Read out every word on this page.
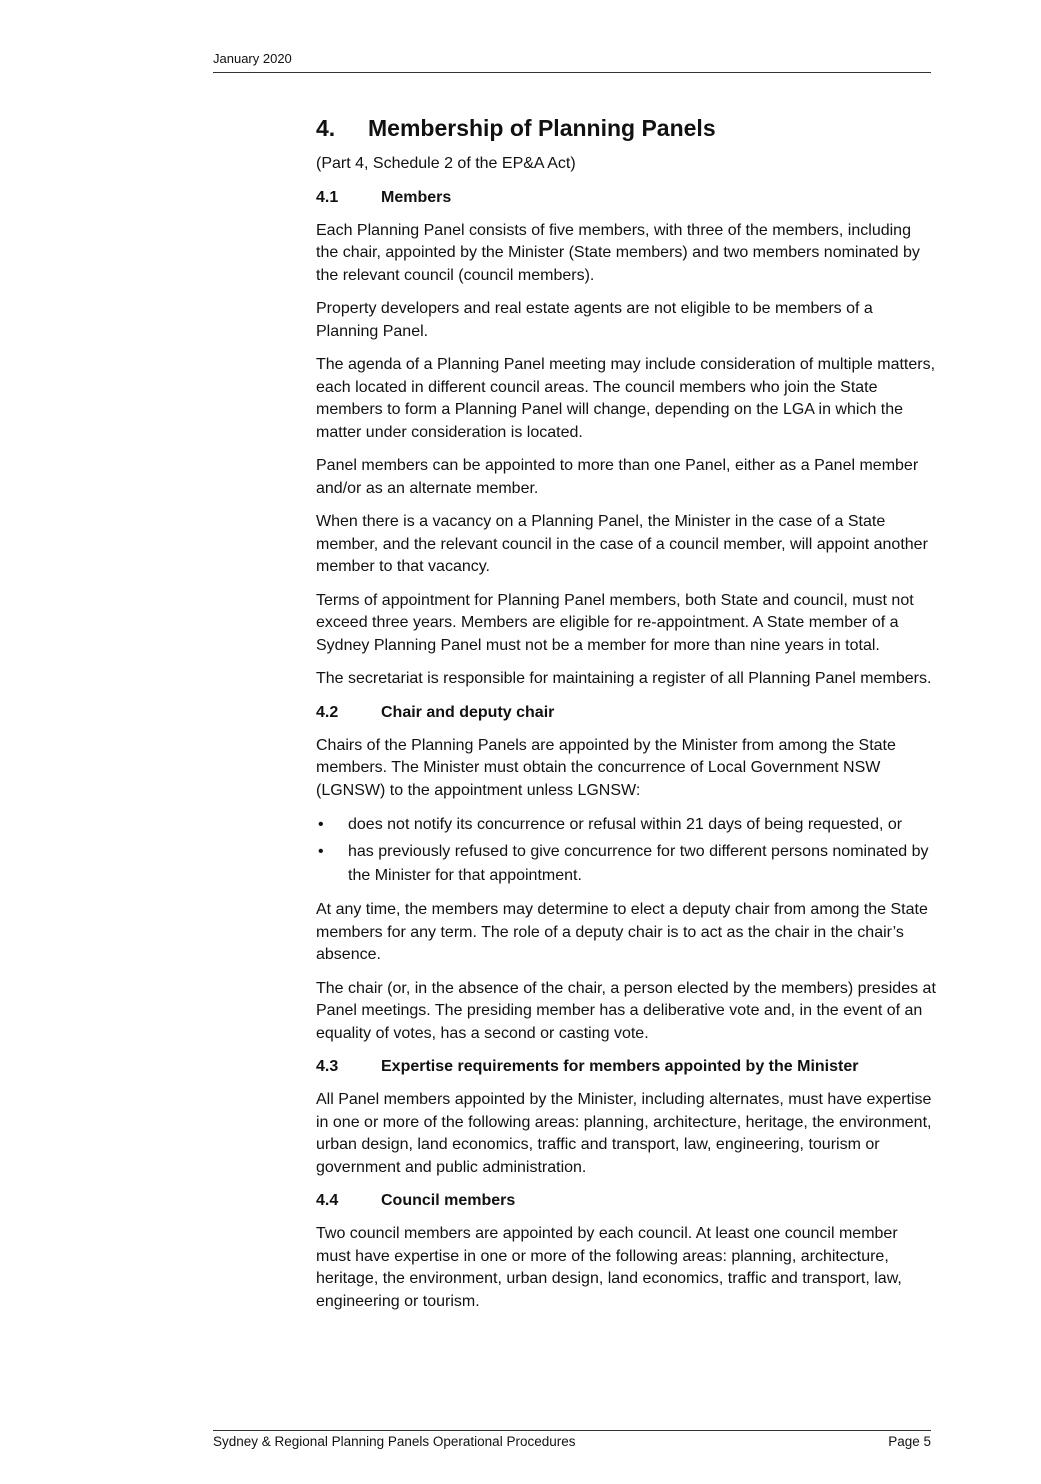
January 2020
4.	Membership of Planning Panels

(Part 4, Schedule 2 of the EP&A Act)

4.1	Members

Each Planning Panel consists of five members, with three of the members, including the chair, appointed by the Minister (State members) and two members nominated by the relevant council (council members).

Property developers and real estate agents are not eligible to be members of a Planning Panel.

The agenda of a Planning Panel meeting may include consideration of multiple matters, each located in different council areas. The council members who join the State members to form a Planning Panel will change, depending on the LGA in which the matter under consideration is located.

Panel members can be appointed to more than one Panel, either as a Panel member and/or as an alternate member.

When there is a vacancy on a Planning Panel, the Minister in the case of a State member, and the relevant council in the case of a council member, will appoint another member to that vacancy.

Terms of appointment for Planning Panel members, both State and council, must not exceed three years. Members are eligible for re-appointment. A State member of a Sydney Planning Panel must not be a member for more than nine years in total.

The secretariat is responsible for maintaining a register of all Planning Panel members.

4.2	Chair and deputy chair

Chairs of the Planning Panels are appointed by the Minister from among the State members. The Minister must obtain the concurrence of Local Government NSW (LGNSW) to the appointment unless LGNSW:

• does not notify its concurrence or refusal within 21 days of being requested, or
• has previously refused to give concurrence for two different persons nominated by the Minister for that appointment.

At any time, the members may determine to elect a deputy chair from among the State members for any term. The role of a deputy chair is to act as the chair in the chair’s absence.

The chair (or, in the absence of the chair, a person elected by the members) presides at Panel meetings. The presiding member has a deliberative vote and, in the event of an equality of votes, has a second or casting vote.

4.3	Expertise requirements for members appointed by the Minister

All Panel members appointed by the Minister, including alternates, must have expertise in one or more of the following areas: planning, architecture, heritage, the environment, urban design, land economics, traffic and transport, law, engineering, tourism or government and public administration.

4.4	Council members

Two council members are appointed by each council. At least one council member must have expertise in one or more of the following areas: planning, architecture, heritage, the environment, urban design, land economics, traffic and transport, law, engineering or tourism.

Sydney & Regional Planning Panels Operational Procedures	Page 5
